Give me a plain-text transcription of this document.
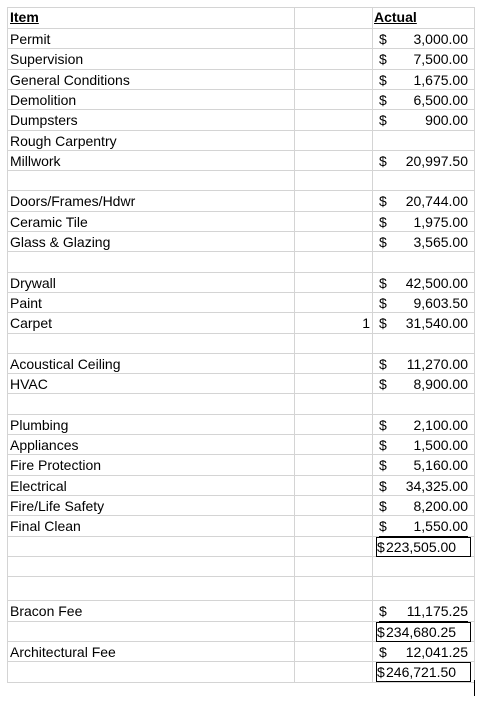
Item	Actual
Permit	$ 3,000.00
Supervision	$ 7,500.00
General Conditions	$ 1,675.00
Demolition	$ 6,500.00
Dumpsters	$	900.00
Rough Carpentry
Millwork	$ 20,997.50
Doors/Frames/Hdwr	$ 20,744.00
Ceramic Tile	$ 1,975.00
Glass & Glazing	$ 3,565.00
Drywall	$ 42,500.00
Paint	$ 9,603.50
Carpet	1 $ 31,540.00
Acoustical Ceiling	$ 11,270.00
HVAC	$ 8,900.00
Plumbing	$ 2,100.00
Appliances	$ 1,500.00
Fire Protection	$ 5,160.00
Electrical	$ 34,325.00
Fire/Life Safety	$ 8,200.00
Final Clean	$	1,550.00
$ 223,505.00
Bracon Fee	$	11,175.25
$ 234,680.25
Architectural Fee	$	12,041.25
$ 246,721.50
